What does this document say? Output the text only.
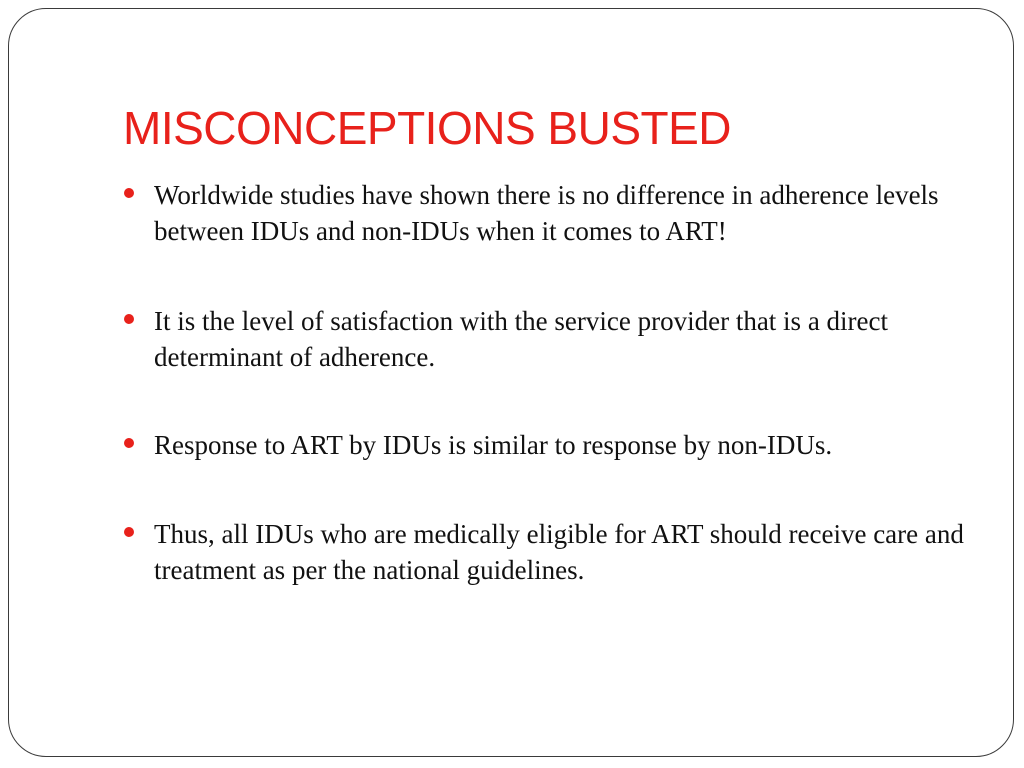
MISCONCEPTIONS BUSTED
Worldwide studies have shown there is no difference in adherence levels between IDUs and non-IDUs when it comes to ART!
It is the level of satisfaction with the service provider that is a direct determinant of adherence.
Response to ART by IDUs is similar to response by non-IDUs.
Thus, all IDUs who are medically eligible for ART should receive care and treatment as per the national guidelines.
